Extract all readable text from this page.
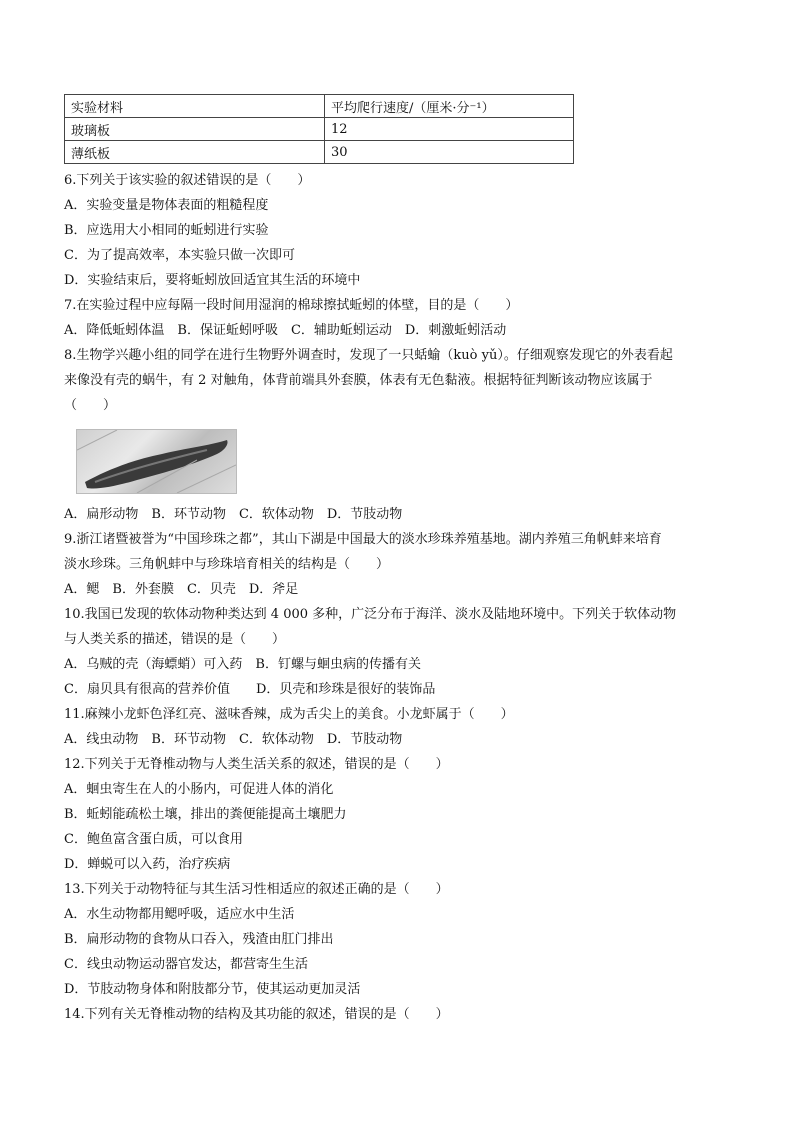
实验材料	平均爬行速度/（厘米·分⁻¹）
玻璃板	12
薄纸板	30
6.下列关于该实验的叙述错误的是（　　）
A．实验变量是物体表面的粗糙程度
B．应选用大小相同的蚯蚓进行实验
C．为了提高效率，本实验只做一次即可
D．实验结束后，要将蚯蚓放回适宜其生活的环境中
7.在实验过程中应每隔一段时间用湿润的棉球擦拭蚯蚓的体壁，目的是（　　）
A．降低蚯蚓体温　B．保证蚯蚓呼吸　C．辅助蚯蚓运动　D．刺激蚯蚓活动
8.生物学兴趣小组的同学在进行生物野外调查时，发现了一只蛞蝓（kuò yǔ）。仔细观察发现它的外表看起
来像没有壳的蜗牛，有 2 对触角，体背前端具外套膜，体表有无色黏液。根据特征判断该动物应该属于
（　　）
A．扁形动物　B．环节动物　C．软体动物　D．节肢动物
9.浙江诸暨被誉为“中国珍珠之都”，其山下湖是中国最大的淡水珍珠养殖基地。湖内养殖三角帆蚌来培育
淡水珍珠。三角帆蚌中与珍珠培育相关的结构是（　　）
A．鳃　B．外套膜　C．贝壳　D．斧足
10.我国已发现的软体动物种类达到 4 000 多种，广泛分布于海洋、淡水及陆地环境中。下列关于软体动物
与人类关系的描述，错误的是（　　）
A．乌贼的壳（海螵蛸）可入药　B．钉螺与蛔虫病的传播有关
C．扇贝具有很高的营养价值　　D．贝壳和珍珠是很好的装饰品
11.麻辣小龙虾色泽红亮、滋味香辣，成为舌尖上的美食。小龙虾属于（　　）
A．线虫动物　B．环节动物　C．软体动物　D．节肢动物
12.下列关于无脊椎动物与人类生活关系的叙述，错误的是（　　）
A．蛔虫寄生在人的小肠内，可促进人体的消化
B．蚯蚓能疏松土壤，排出的粪便能提高土壤肥力
C．鲍鱼富含蛋白质，可以食用
D．蝉蜕可以入药，治疗疾病
13.下列关于动物特征与其生活习性相适应的叙述正确的是（　　）
A．水生动物都用鳃呼吸，适应水中生活
B．扁形动物的食物从口吞入，残渣由肛门排出
C．线虫动物运动器官发达，都营寄生生活
D．节肢动物身体和附肢都分节，使其运动更加灵活
14.下列有关无脊椎动物的结构及其功能的叙述，错误的是（　　）
